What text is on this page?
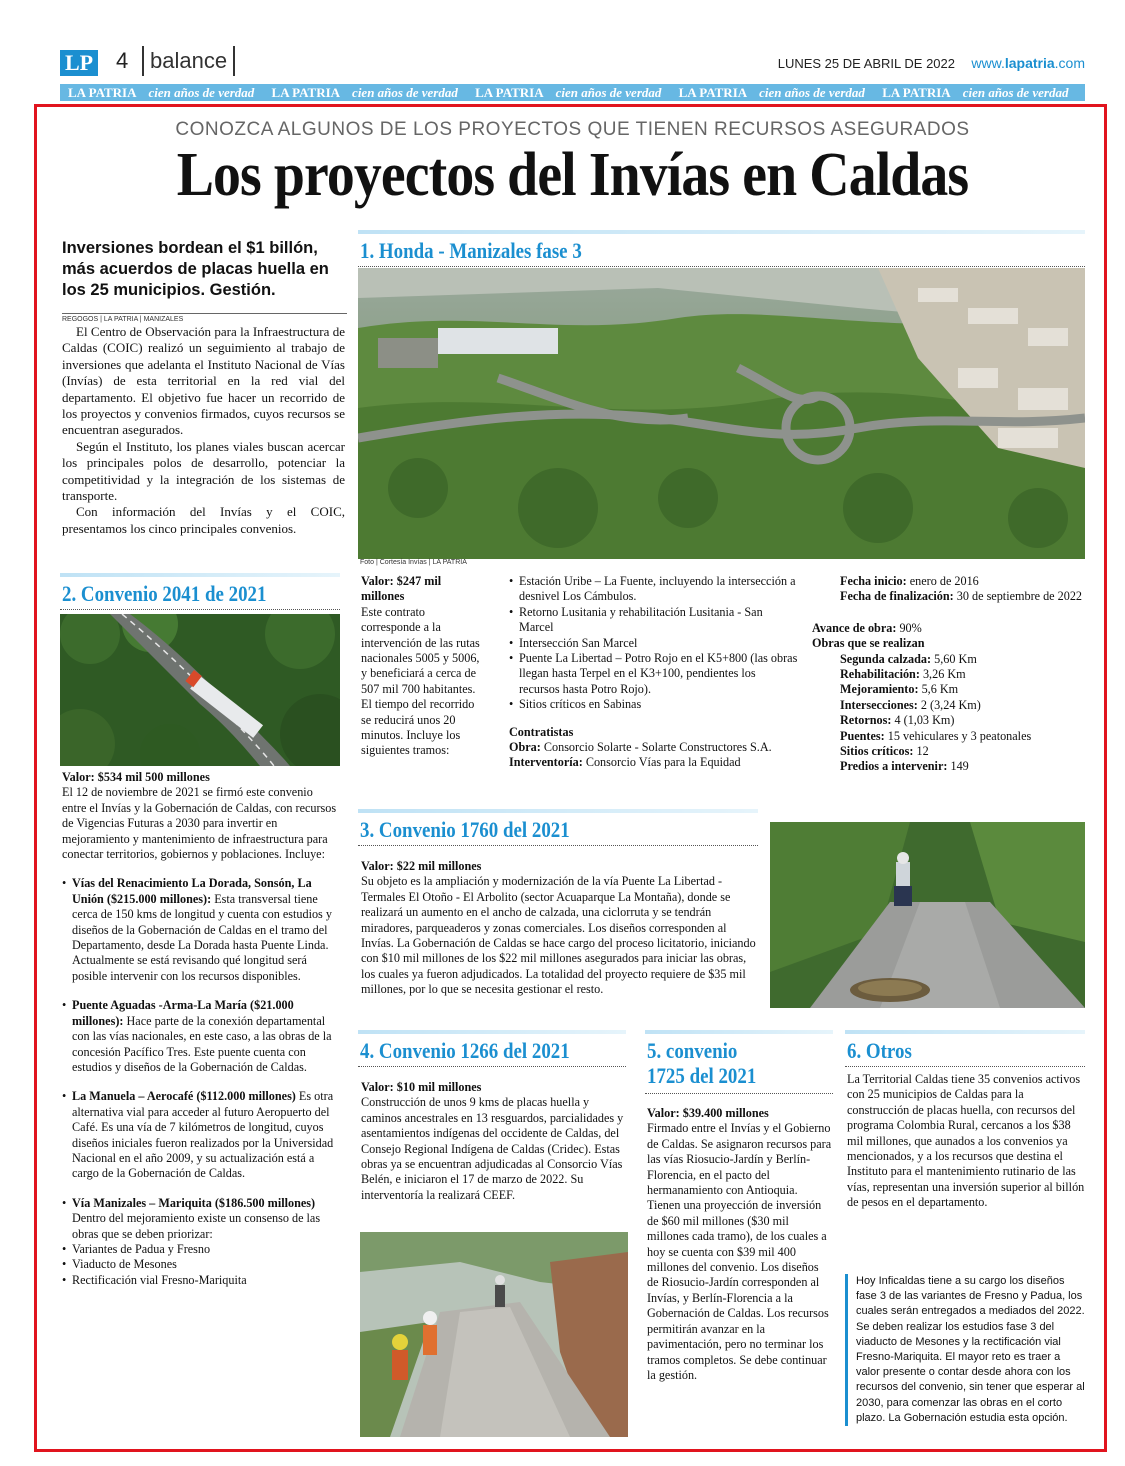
LP 4 balance	LUNES 25 DE ABRIL DE 2022 www.lapatria.com
LA PATRIA cien años de verdad LA PATRIA cien años de verdad LA PATRIA cien años de verdad LA PATRIA cien años de verdad LA PATRIA cien años de verdad
CONOZCA ALGUNOS DE LOS PROYECTOS QUE TIENEN RECURSOS ASEGURADOS
Los proyectos del Invías en Caldas
Inversiones bordean el $1 billón, más acuerdos de placas huella en los 25 municipios. Gestión.
REGOGOS | LA PATRIA | MANIZALES

El Centro de Observación para la Infraestructura de Caldas (COIC) realizó un seguimiento al trabajo de inversiones que adelanta el Instituto Nacional de Vías (Invías) de esta territorial en la red vial del departamento. El objetivo fue hacer un recorrido de los proyectos y convenios firmados, cuyos recursos se encuentran asegurados.

Según el Instituto, los planes viales buscan acercar los principales polos de desarrollo, potenciar la competitividad y la integración de los sistemas de transporte.

Con información del Invías y el COIC, presentamos los cinco principales convenios.

1. Honda - Manizales fase 3
Foto | Cortesía Invías | LA PATRIA
Valor: $247 mil millones
Este contrato corresponde a la intervención de las rutas nacionales 5005 y 5006, y beneficiará a cerca de 507 mil 700 habitantes. El tiempo del recorrido se reducirá unos 20 minutos. Incluye los siguientes tramos:
• Estación Uribe – La Fuente, incluyendo la intersección a desnivel Los Cámbulos.
• Retorno Lusitania y rehabilitación Lusitania - San Marcel
• Intersección San Marcel
• Puente La Libertad – Potro Rojo en el K5+800 (las obras llegan hasta Terpel en el K3+100, pendientes los recursos hasta Potro Rojo).
• Sitios críticos en Sabinas
Contratistas
Obra: Consorcio Solarte - Solarte Constructores S.A.
Interventoría: Consorcio Vías para la Equidad
Fecha inicio: enero de 2016
Fecha de finalización: 30 de septiembre de 2022
Avance de obra: 90%
Obras que se realizan
Segunda calzada: 5,60 Km
Rehabilitación: 3,26 Km
Mejoramiento: 5,6 Km
Intersecciones: 2 (3,24 Km)
Retornos: 4 (1,03 Km)
Puentes: 15 vehiculares y 3 peatonales
Sitios críticos: 12
Predios a intervenir: 149
2. Convenio 2041 de 2021
Valor: $534 mil 500 millones
El 12 de noviembre de 2021 se firmó este convenio entre el Invías y la Gobernación de Caldas, con recursos de Vigencias Futuras a 2030 para invertir en mejoramiento y mantenimiento de infraestructura para conectar territorios, gobiernos y poblaciones. Incluye:
• Vías del Renacimiento La Dorada, Sonsón, La Unión ($215.000 millones): Esta transversal tiene cerca de 150 kms de longitud y cuenta con estudios y diseños de la Gobernación de Caldas en el tramo del Departamento, desde La Dorada hasta Puente Linda. Actualmente se está revisando qué longitud será posible intervenir con los recursos disponibles.
• Puente Aguadas -Arma-La María ($21.000 millones): Hace parte de la conexión departamental con las vías nacionales, en este caso, a las obras de la concesión Pacífico Tres. Este puente cuenta con estudios y diseños de la Gobernación de Caldas.
• La Manuela – Aerocafé ($112.000 millones) Es otra alternativa vial para acceder al futuro Aeropuerto del Café. Es una vía de 7 kilómetros de longitud, cuyos diseños iniciales fueron realizados por la Universidad Nacional en el año 2009, y su actualización está a cargo de la Gobernación de Caldas.
• Vía Manizales – Mariquita ($186.500 millones) Dentro del mejoramiento existe un consenso de las obras que se deben priorizar:
• Variantes de Padua y Fresno
• Viaducto de Mesones
• Rectificación vial Fresno-Mariquita
3. Convenio 1760 del 2021
Valor: $22 mil millones
Su objeto es la ampliación y modernización de la vía Puente La Libertad - Termales El Otoño - El Arbolito (sector Acuaparque La Montaña), donde se realizará un aumento en el ancho de calzada, una ciclorruta y se tendrán miradores, parqueaderos y zonas comerciales. Los diseños corresponden al Invías. La Gobernación de Caldas se hace cargo del proceso licitatorio, iniciando con $10 mil millones de los $22 mil millones asegurados para iniciar las obras, los cuales ya fueron adjudicados. La totalidad del proyecto requiere de $35 mil millones, por lo que se necesita gestionar el resto.
4. Convenio 1266 del 2021
Valor: $10 mil millones
Construcción de unos 9 kms de placas huella y caminos ancestrales en 13 resguardos, parcialidades y asentamientos indígenas del occidente de Caldas, del Consejo Regional Indígena de Caldas (Cridec). Estas obras ya se encuentran adjudicadas al Consorcio Vías Belén, e iniciaron el 17 de marzo de 2022. Su interventoría la realizará CEEF.
5. convenio
1725 del 2021
Valor: $39.400 millones
Firmado entre el Invías y el Gobierno de Caldas. Se asignaron recursos para las vías Riosucio-Jardín y Berlín-Florencia, en el pacto del hermanamiento con Antioquia. Tienen una proyección de inversión de $60 mil millones ($30 mil millones cada tramo), de los cuales a hoy se cuenta con $39 mil 400 millones del convenio. Los diseños de Riosucio-Jardín corresponden al Invías, y Berlín-Florencia a la Gobernación de Caldas. Los recursos permitirán avanzar en la pavimentación, pero no terminar los tramos completos. Se debe continuar la gestión.
6. Otros
La Territorial Caldas tiene 35 convenios activos con 25 municipios de Caldas para la construcción de placas huella, con recursos del programa Colombia Rural, cercanos a los $38 mil millones, que aunados a los convenios ya mencionados, y a los recursos que destina el Instituto para el mantenimiento rutinario de las vías, representan una inversión superior al billón de pesos en el departamento.
Hoy Inficaldas tiene a su cargo los diseños fase 3 de las variantes de Fresno y Padua, los cuales serán entregados a mediados del 2022. Se deben realizar los estudios fase 3 del viaducto de Mesones y la rectificación vial Fresno-Mariquita. El mayor reto es traer a valor presente o contar desde ahora con los recursos del convenio, sin tener que esperar al 2030, para comenzar las obras en el corto plazo. La Gobernación estudia esta opción.
